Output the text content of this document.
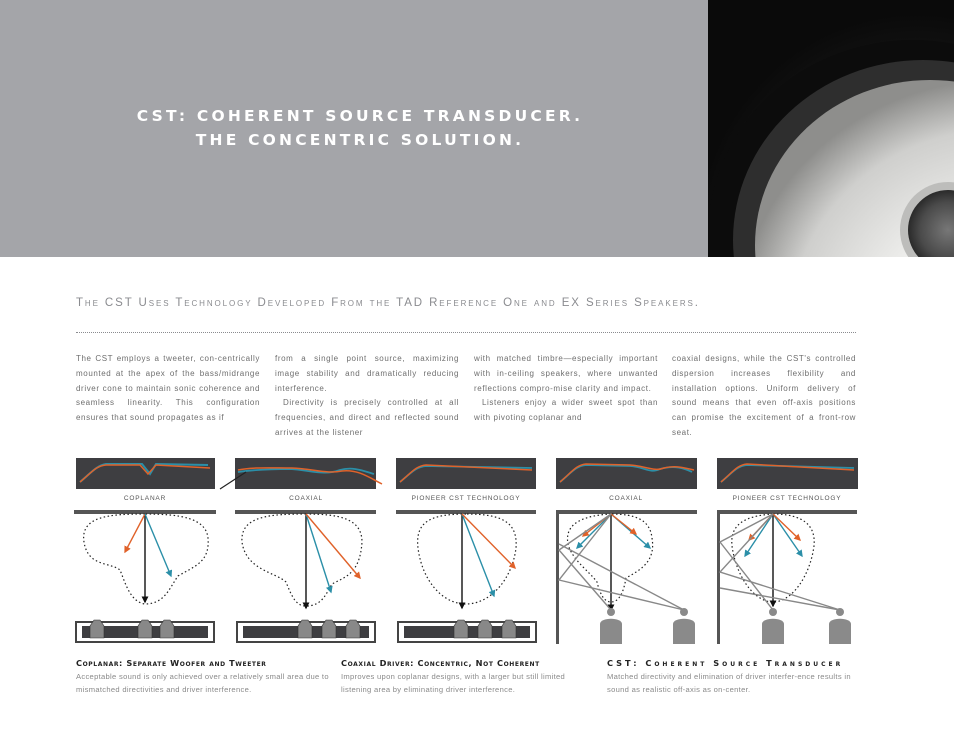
CST: COHERENT SOURCE TRANSDUCER.
THE CONCENTRIC SOLUTION.
The CST Uses Technology Developed From the TAD Reference One and EX Series Speakers.

The CST employs a tweeter, con-centrically mounted at the apex of the bass/midrange driver cone to maintain sonic coherence and seamless linearity. This configuration ensures that sound propagates as if

from a single point source, maximizing image stability and dramatically reducing interference.

Directivity is precisely controlled at all frequencies, and direct and reflected sound arrives at the listener

with matched timbre—especially important with in-ceiling speakers, where unwanted reflections compro-mise clarity and impact.

Listeners enjoy a wider sweet spot than with pivoting coplanar and

coaxial designs, while the CST's controlled dispersion increases flexibility and installation options. Uniform delivery of sound means that even off-axis positions can promise the excitement of a front-row seat.

COPLANAR	COAXIAL	PIONEER CST TECHNOLOGY	COAXIAL	PIONEER CST TECHNOLOGY
Coplanar: Separate Woofer and Tweeter
Acceptable sound is only achieved over a relatively small area due to mismatched directivities and driver interference.
Coaxial Driver: Concentric, Not Coherent
Improves upon coplanar designs, with a larger but still limited listening area by eliminating driver interference.
CST: Coherent Source Transducer
Matched directivity and elimination of driver interfer-ence results in sound as realistic off-axis as on-center.
